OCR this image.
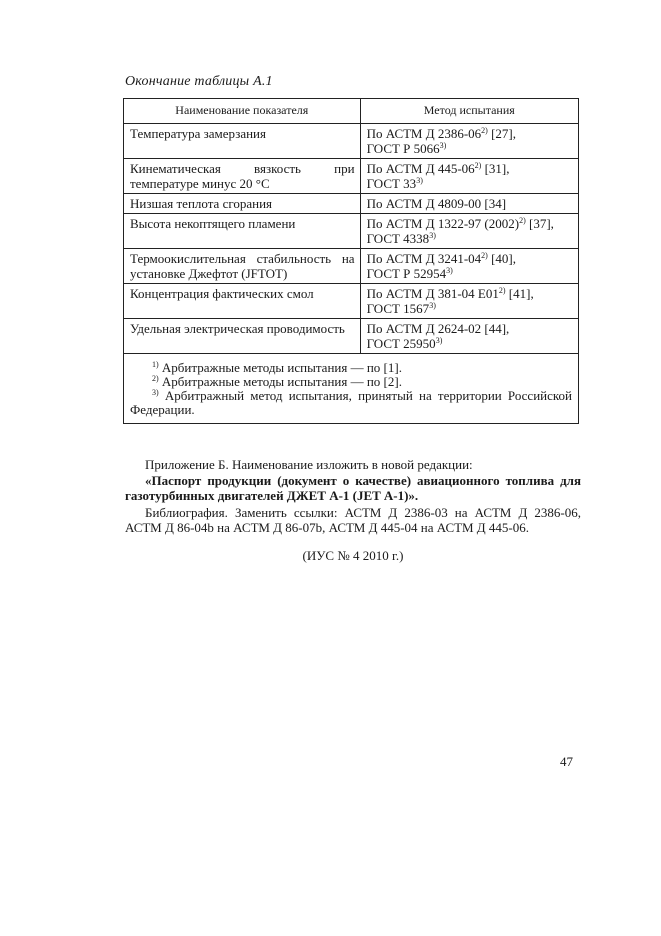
Окончание таблицы А.1
Наименование показателя	Метод испытания
Температура замерзания	По АСТМ Д 2386-06$^{2)}$ [27],
ГОСТ Р 5066$^{3)}$

Кинематическая вязкость при температуре минус 20 °С	По АСТМ Д 445-06$^{2)}$ [31],
ГОСТ 33$^{3)}$

Низшая теплота сгорания	По АСТМ Д 4809-00 [34]

Высота некоптящего пламени	По АСТМ Д 1322-97 $(2002)^{2)}$ [37],
ГОСТ 4338$^{3)}$

Термоокислительная стабильность на установке Джефтот (JFTOT)	По АСТМ Д 3241-04$^{2)}$ [40],
ГОСТ Р 52954$^{3)}$

Концентрация фактических смол	По АСТМ Д 381-04 Е01$^{2)}$ [41],
ГОСТ 1567$^{3)}$

Удельная электрическая проводимость	По АСТМ Д 2624-02 [44],
ГОСТ 25950$^{3)}$

$^{1)}$ Арбитражные методы испытания — по [1].

$^{2)}$ Арбитражные методы испытания — по [2].

$^{3)}$ Арбитражный метод испытания, принятый на территории Российской Федерации.	

Приложение Б. Наименование изложить в новой редакции:

«Паспорт продукции (документ о качестве) авиационного топлива для газотурбинных двигателей ДЖЕТ А-1 (JET А-1)».

Библиография. Заменить ссылки: АСТМ Д 2386-03 на АСТМ Д 2386-06, АСТМ Д 86-04b на АСТМ Д 86-07b, АСТМ Д 445-04 на АСТМ Д 445-06.

(ИУС № 4 2010 г.)

47
